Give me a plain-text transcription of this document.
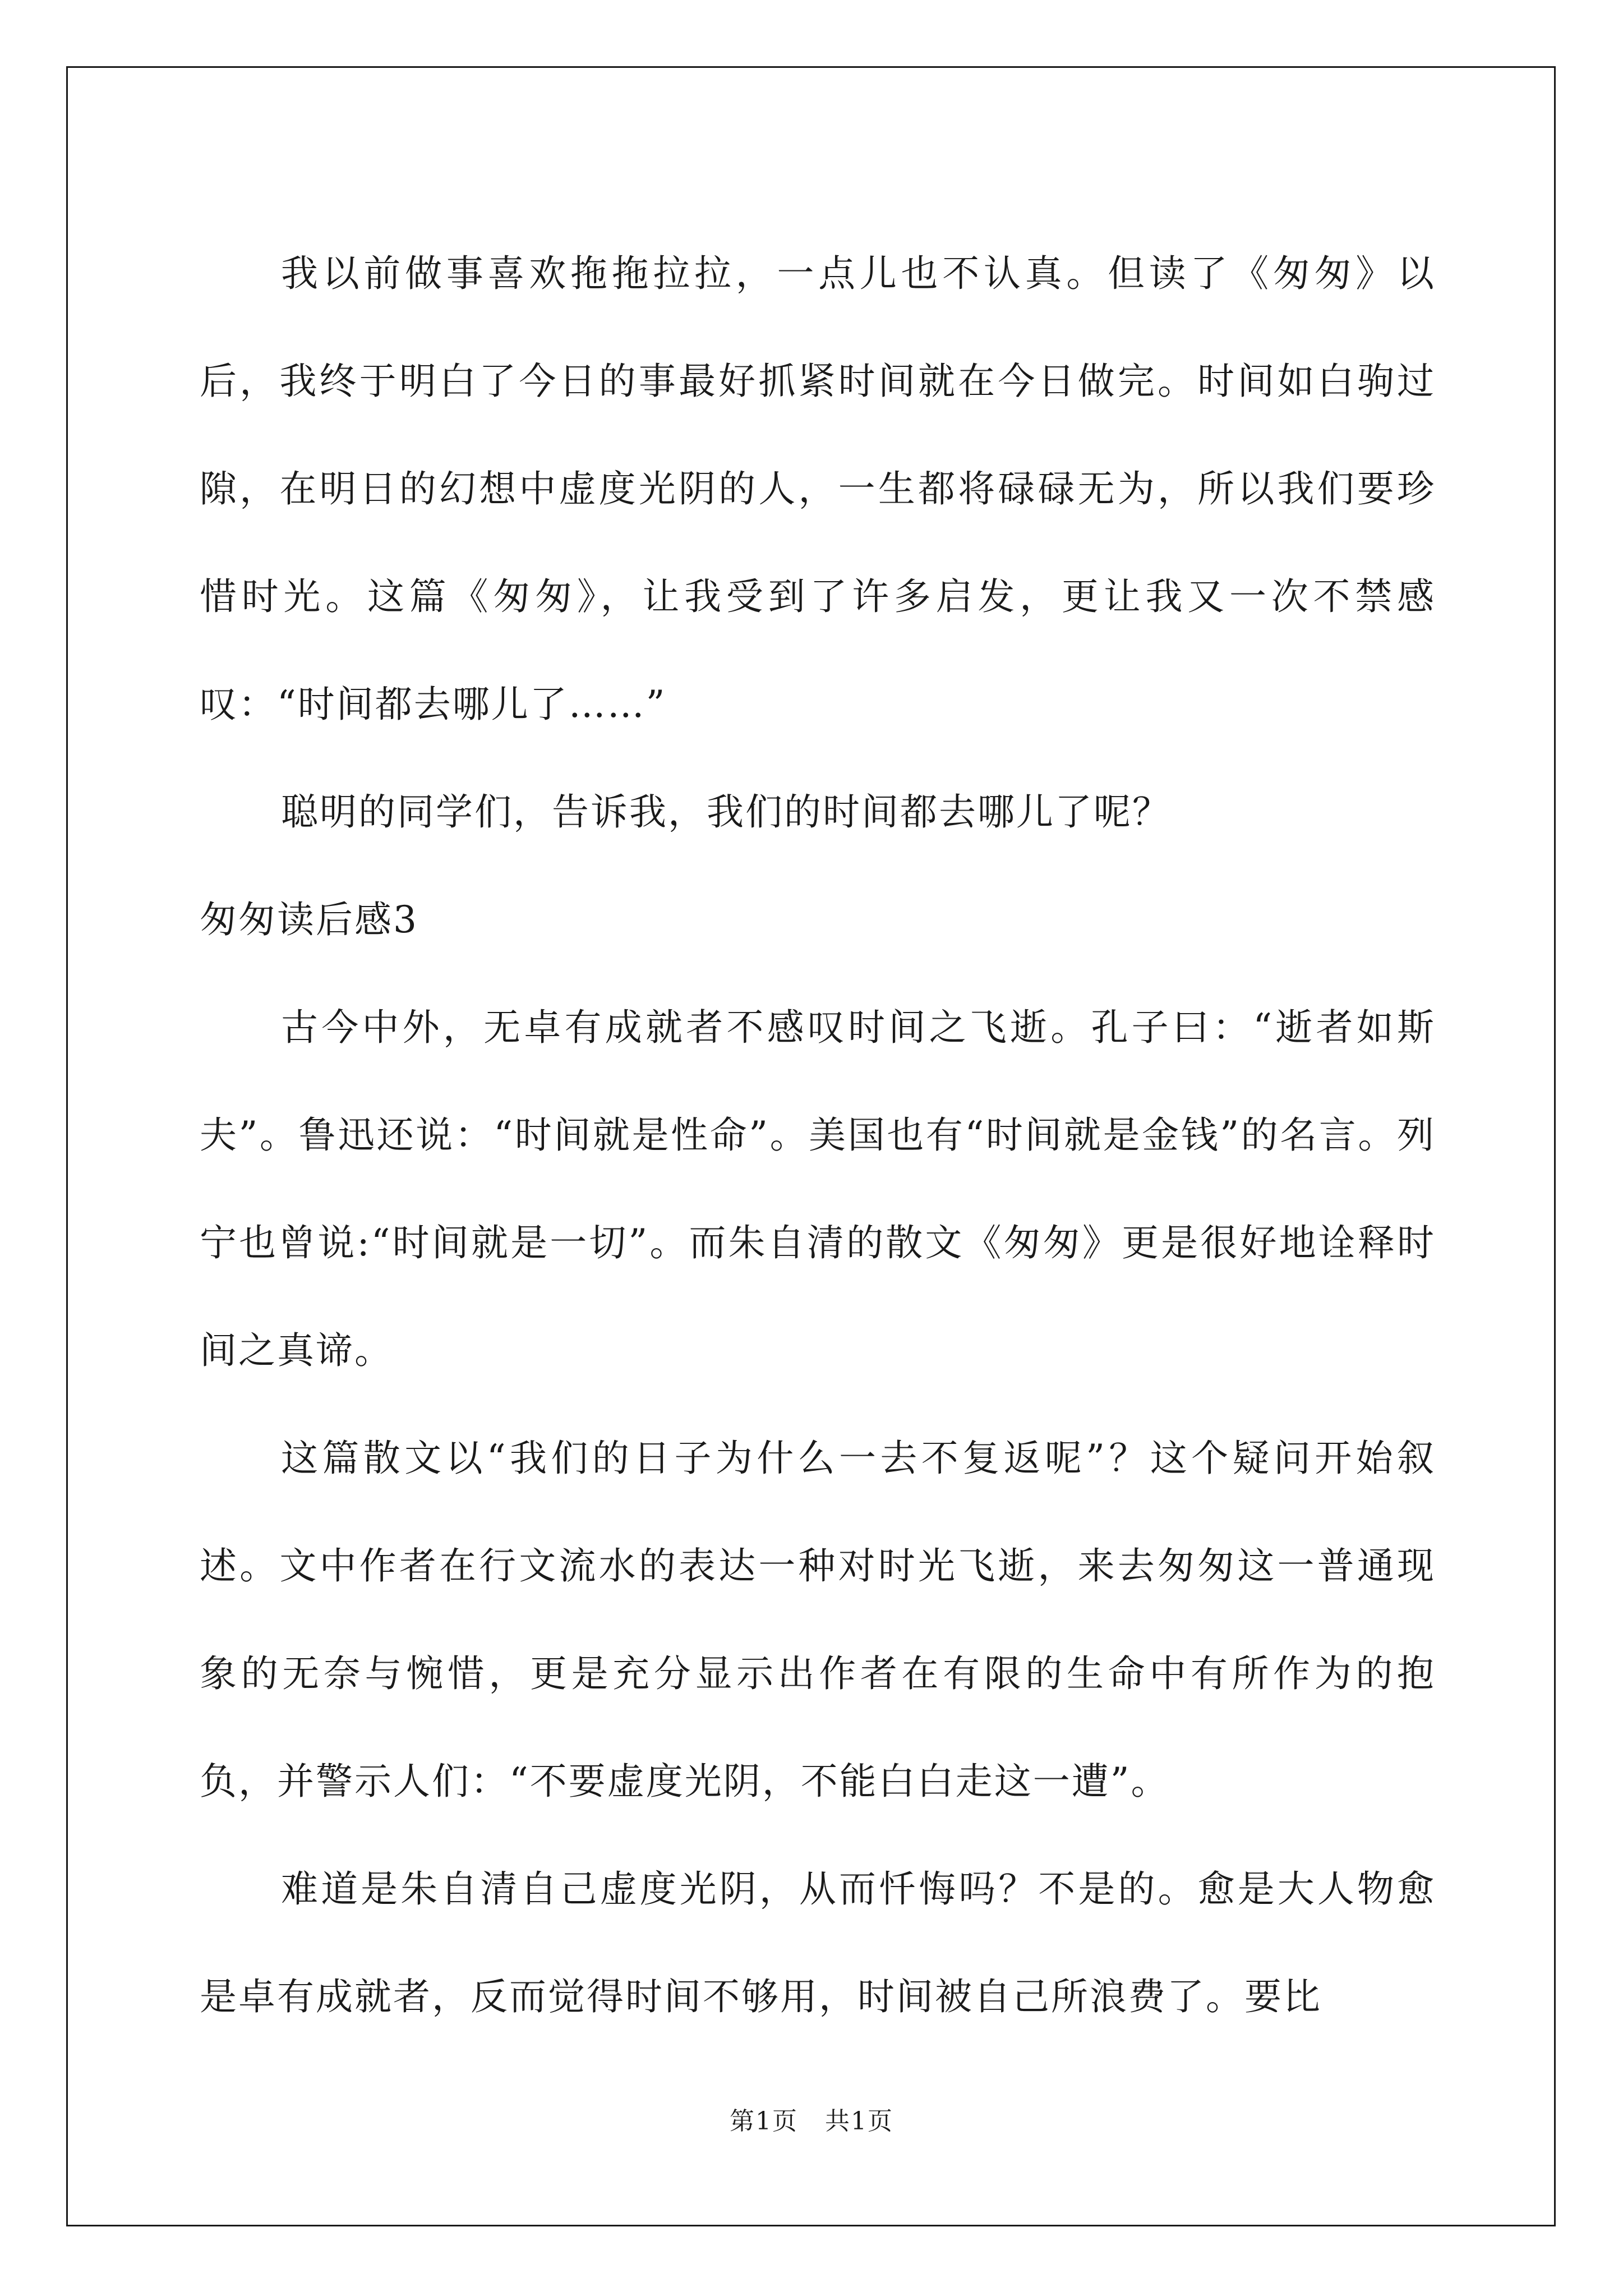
我以前做事喜欢拖拖拉拉，一点儿也不认真。但读了《匆匆》以后，我终于明白了今日的事最好抓紧时间就在今日做完。时间如白驹过隙，在明日的幻想中虚度光阴的人，一生都将碌碌无为，所以我们要珍惜时光。这篇《匆匆》，让我受到了许多启发，更让我又一次不禁感叹：“时间都去哪儿了……”

聪明的同学们，告诉我，我们的时间都去哪儿了呢？

匆匆读后感3

古今中外，无卓有成就者不感叹时间之飞逝。孔子曰：“逝者如斯夫”。鲁迅还说：“时间就是性命”。美国也有“时间就是金钱”的名言。列宁也曾说:“时间就是一切”。而朱自清的散文《匆匆》更是很好地诠释时间之真谛。

这篇散文以“我们的日子为什么一去不复返呢”？这个疑问开始叙述。文中作者在行文流水的表达一种对时光飞逝，来去匆匆这一普通现象的无奈与惋惜，更是充分显示出作者在有限的生命中有所作为的抱负，并警示人们：“不要虚度光阴，不能白白走这一遭”。

难道是朱自清自己虚度光阴，从而忏悔吗？不是的。愈是大人物愈是卓有成就者，反而觉得时间不够用，时间被自己所浪费了。要比

第1页 共1页
